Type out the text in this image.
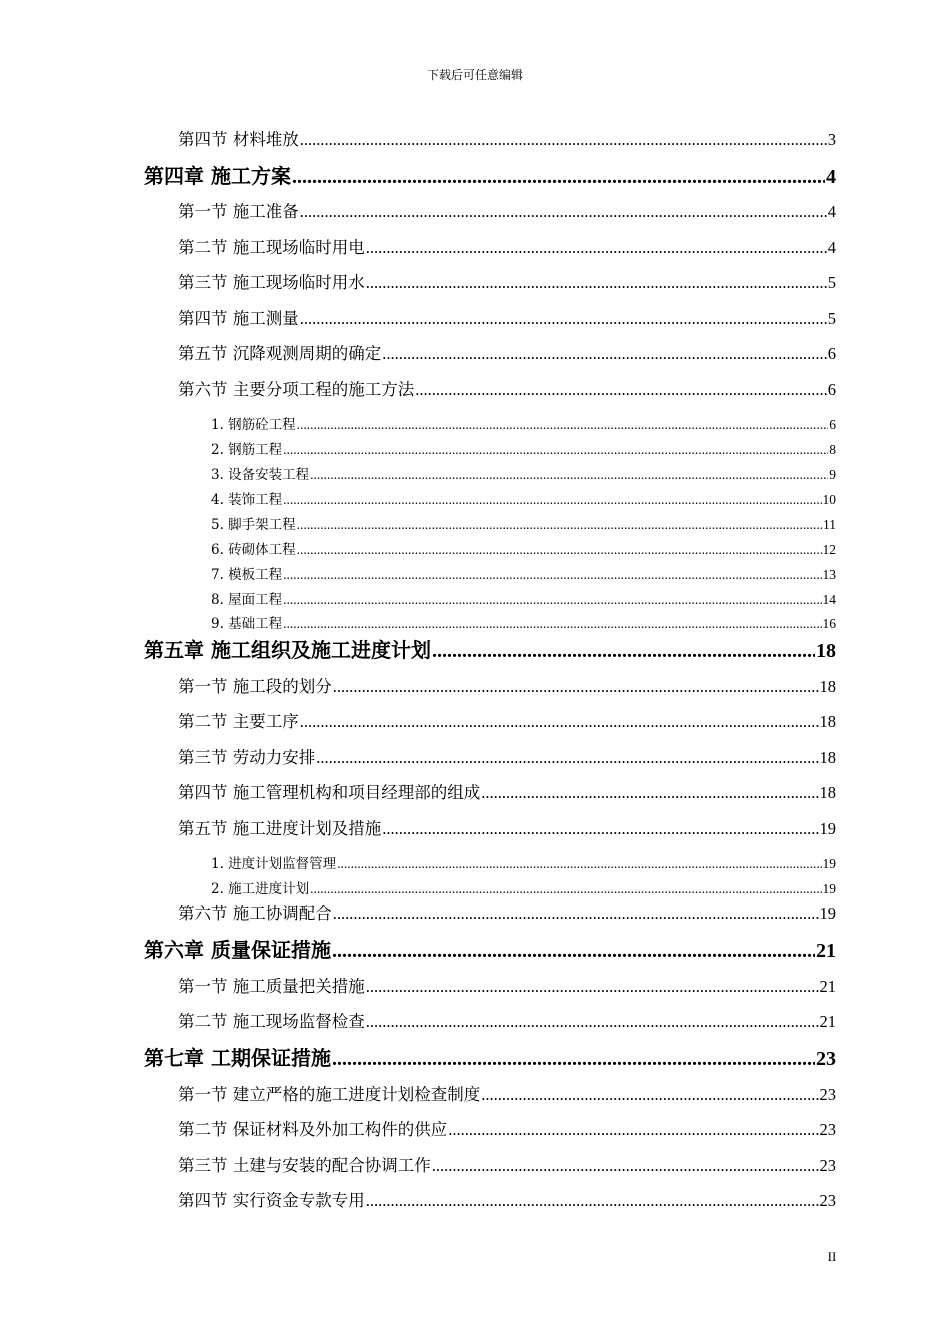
下载后可任意编辑
第四节 材料堆放 .....	3
第四章 施工方案 .....	4
第一节 施工准备 .....	4
第二节 施工现场临时用电 .....	4
第三节 施工现场临时用水 .....	5
第四节 施工测量 .....	5
第五节 沉降观测周期的确定 .....	6
第六节 主要分项工程的施工方法 .....	6
1. 钢筋砼工程 .....	6
2. 钢筋工程 .....	8
3. 设备安装工程 .....	9
4. 装饰工程 .....	10
5. 脚手架工程 .....	11
6. 砖砌体工程 .....	12
7. 模板工程 .....	13
8. 屋面工程 .....	14
9. 基础工程 .....	16
第五章 施工组织及施工进度计划 .....	18
第一节 施工段的划分 .....	18
第二节 主要工序 .....	18
第三节 劳动力安排 .....	18
第四节 施工管理机构和项目经理部的组成 .....	18
第五节 施工进度计划及措施 .....	19
1. 进度计划监督管理 .....	19
2. 施工进度计划 .....	19
第六节 施工协调配合 .....	19
第六章 质量保证措施 .....	21
第一节 施工质量把关措施 .....	21
第二节 施工现场监督检查 .....	21
第七章 工期保证措施 .....	23
第一节 建立严格的施工进度计划检查制度 .....	23
第二节 保证材料及外加工构件的供应 .....	23
第三节 土建与安装的配合协调工作 .....	23
第四节 实行资金专款专用 .....	23
II
